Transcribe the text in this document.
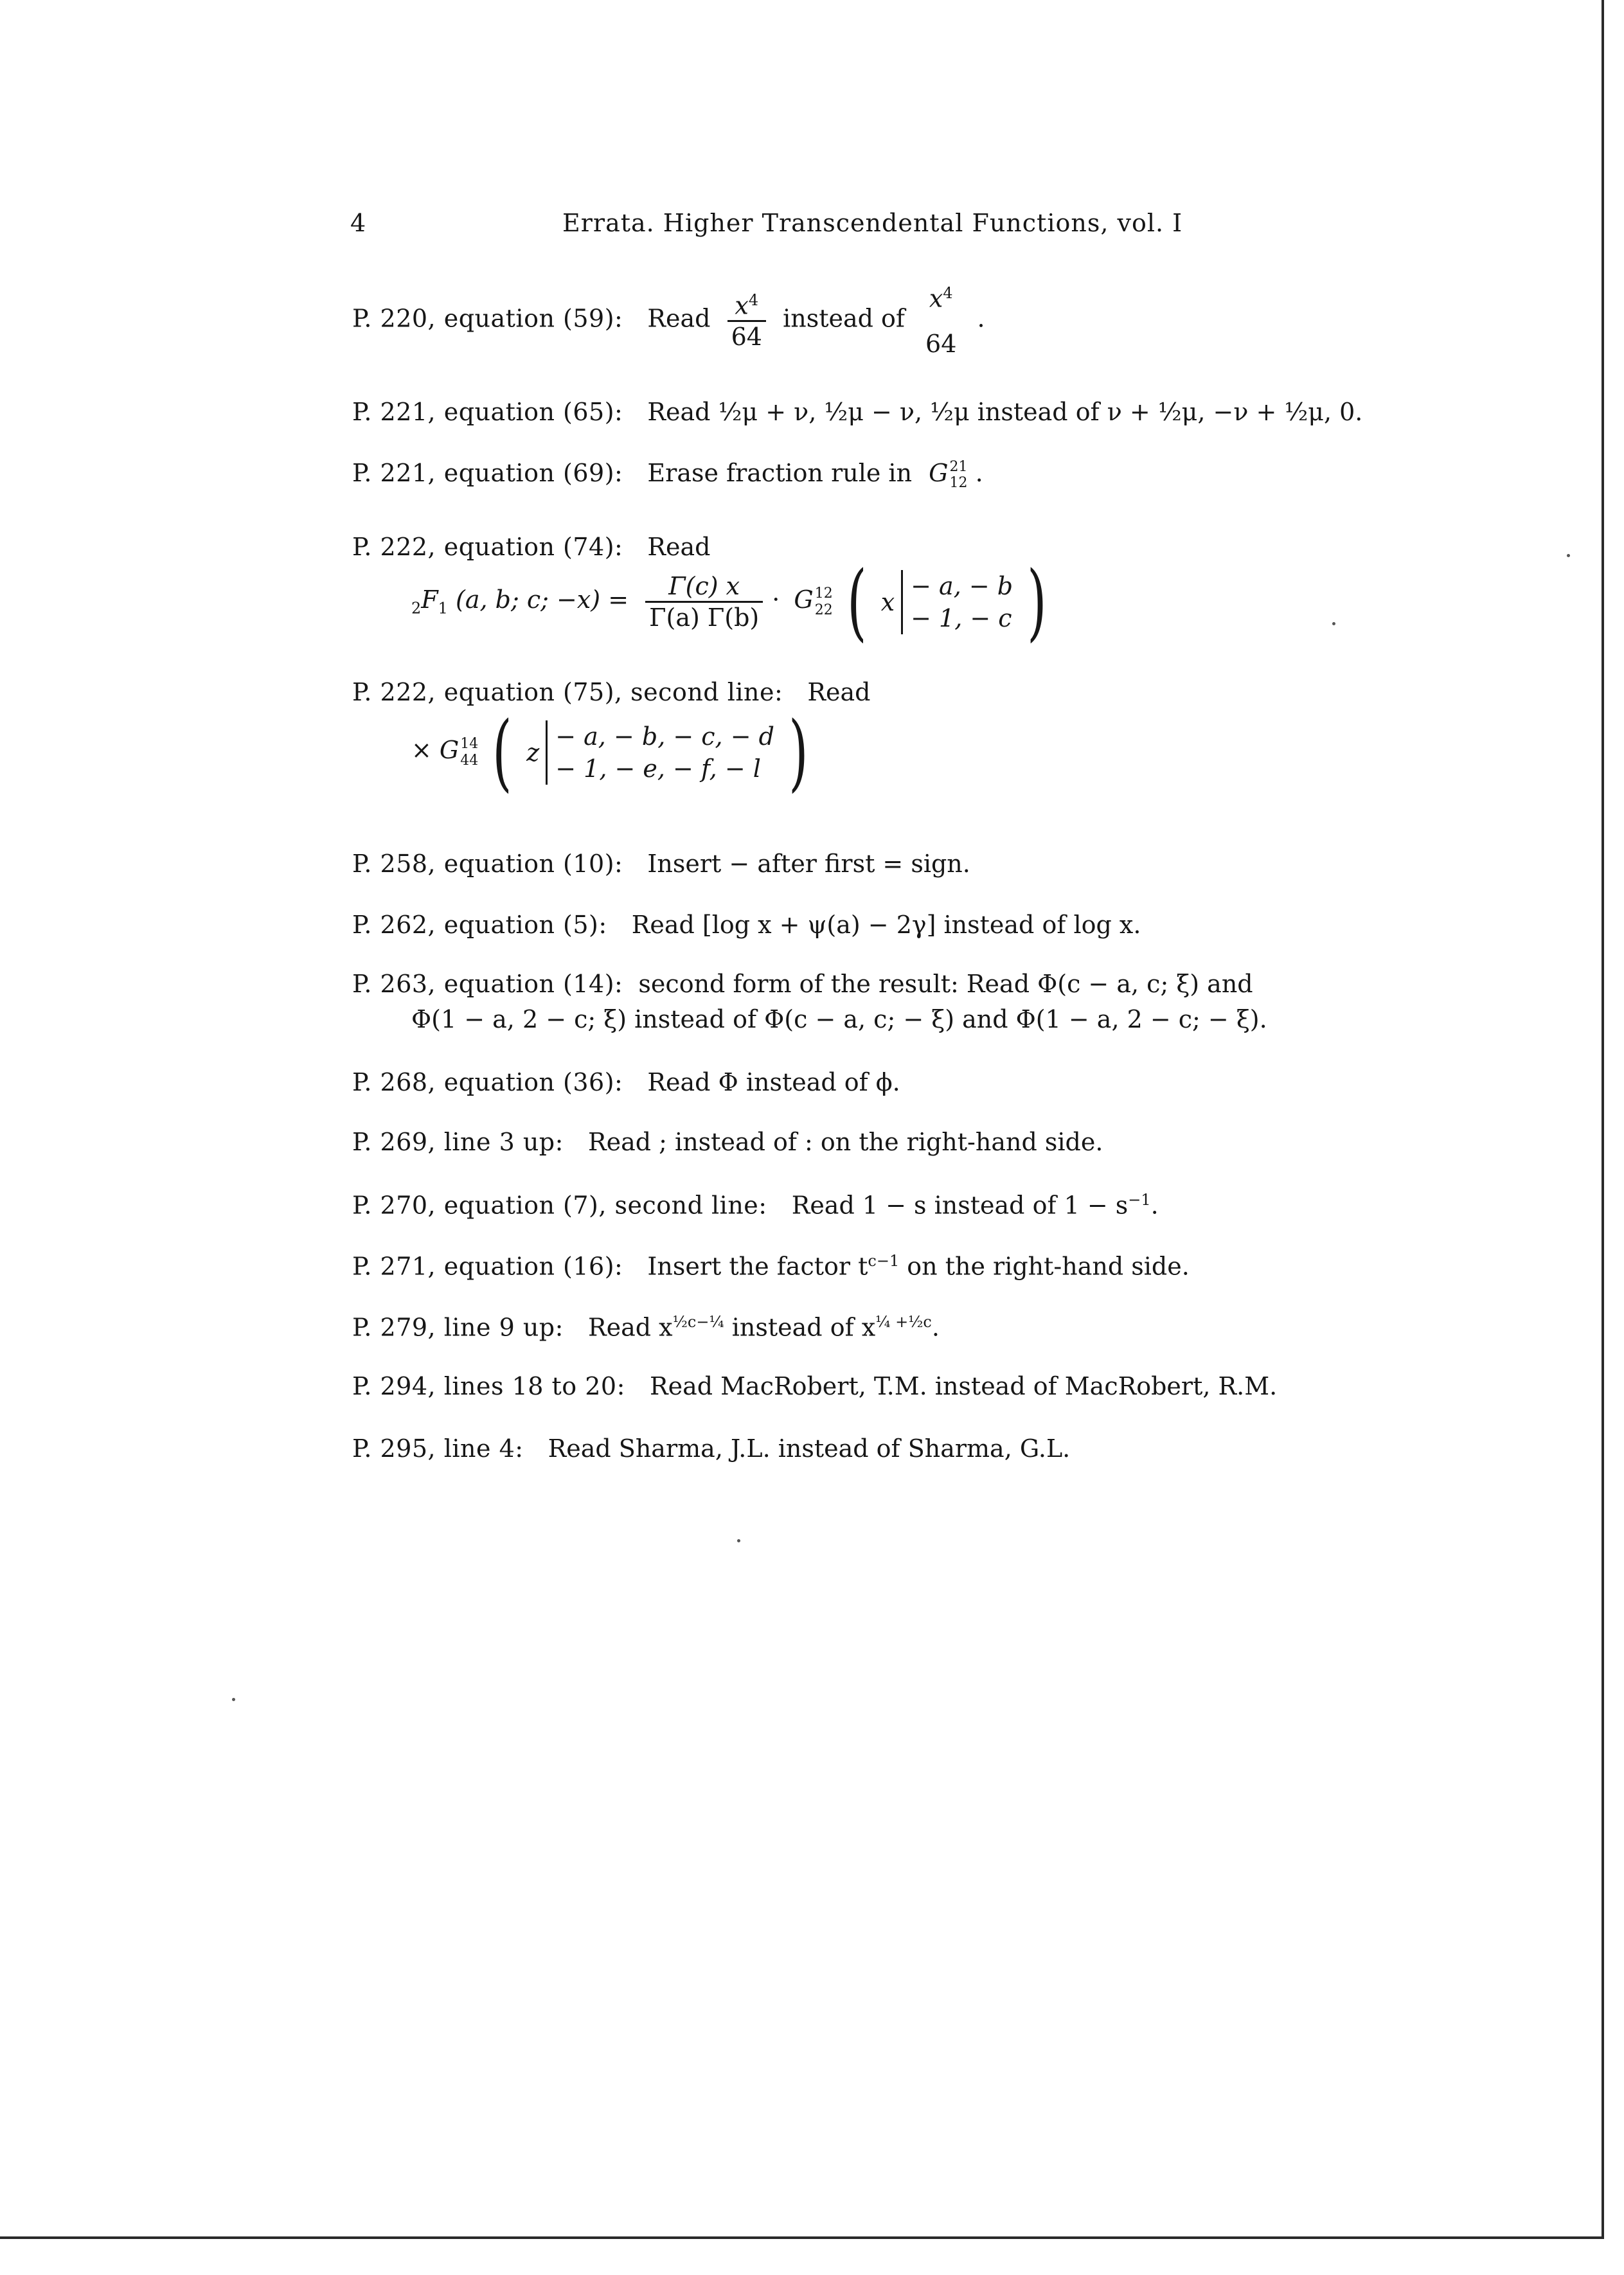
4	Errata. Higher Transcendental Functions, vol. I
P. 220, equation (59): Read $\frac{x^4}{64}$ instead of
$x^4$
64
.
P. 221, equation (65): Read ½μ + ν, ½μ − ν, ½μ instead of ν + ½μ, −ν + ½μ, 0.
P. 221, equation (69): Erase fraction rule in G 21
12 .
P. 222, equation (74): Read
$_2F_1$ (a, b; c; $-x) = \frac{\Gamma(c) x}{\Gamma(a) \Gamma(b)} \cdot G$ 12
22 ( x
− a, − b
− 1, − c )
P. 222, equation (75), second line: Read
× G 14
44 ( z
− a, − b, − c, − d
− 1, − e, − f, − l )
P. 258, equation (10): Insert − after first = sign.
P. 262, equation (5): Read [log x + ψ(a) − 2γ] instead of log x.
P. 263, equation (14): second form of the result: Read Φ(c − a, c; ξ) and
Φ(1 − a, 2 − c; ξ) instead of Φ(c − a, c; − ξ) and Φ(1 − a, 2 − c; − ξ).
P. 268, equation (36): Read Φ instead of ϕ.
P. 269, line 3 up: Read ; instead of : on the right-hand side.
P. 270, equation (7), second line: Read 1 − s instead of $1 - s^{-1}$.
P. 271, equation (16): Insert the factor $t^{c-1}$ on the right-hand side.
P. 279, line 9 up: Read $x^{\frac{1}{2}c-\frac{1}{4}}$ instead of $x^{\frac{1}{4} +\frac{1}{2}c}$.
P. 294, lines 18 to 20: Read MacRobert, T.M. instead of MacRobert, R.M.
P. 295, line 4: Read Sharma, J.L. instead of Sharma, G.L.
